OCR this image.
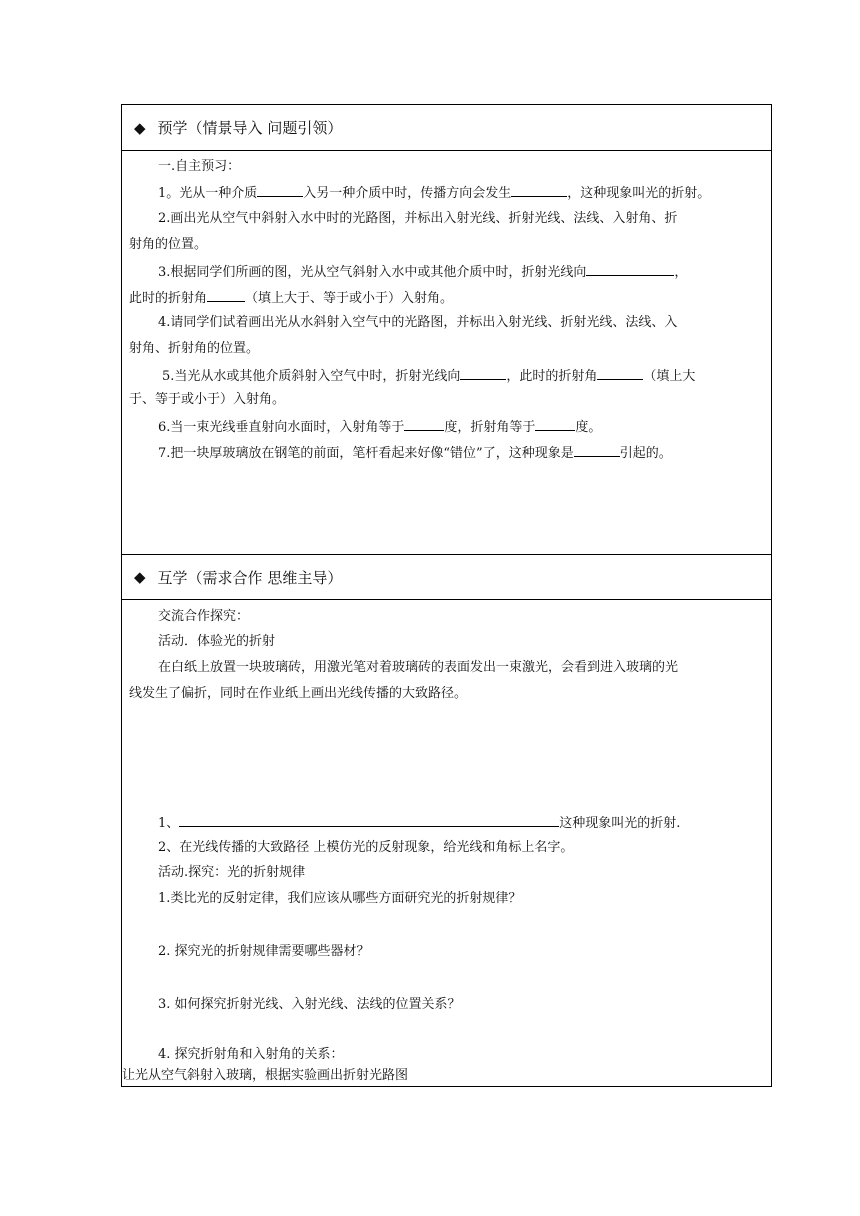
◆ 预学（情景导入 问题引领）
一.自主预习：
1。光从一种介质	入另一种介质中时，传播方向会发生	，这种现象叫光的折射。
2.画出光从空气中斜射入水中时的光路图，并标出入射光线、折射光线、法线、入射角、折
射角的位置。
3.根据同学们所画的图，光从空气斜射入水中或其他介质中时，折射光线向	，
此时的折射角	（填上大于、等于或小于）入射角。
4.请同学们试着画出光从水斜射入空气中的光路图，并标出入射光线、折射光线、法线、入
射角、折射角的位置。
5.当光从水或其他介质斜射入空气中时，折射光线向	，此时的折射角	（填上大
于、等于或小于）入射角。
6.当一束光线垂直射向水面时，入射角等于	度，折射角等于	度。
7.把一块厚玻璃放在钢笔的前面，笔杆看起来好像“错位”了，这种现象是	引起的。
◆ 互学（需求合作 思维主导）
交流合作探究：
活动．体验光的折射
在白纸上放置一块玻璃砖，用激光笔对着玻璃砖的表面发出一束激光，会看到进入玻璃的光
线发生了偏折，同时在作业纸上画出光线传播的大致路径。
1、	这种现象叫光的折射.
2、在光线传播的大致路径 上模仿光的反射现象，给光线和角标上名字。
活动.探究：光的折射规律
1.类比光的反射定律，我们应该从哪些方面研究光的折射规律？
2. 探究光的折射规律需要哪些器材？
3. 如何探究折射光线、入射光线、法线的位置关系？
4. 探究折射角和入射角的关系：
让光从空气斜射入玻璃，根据实验画出折射光路图
